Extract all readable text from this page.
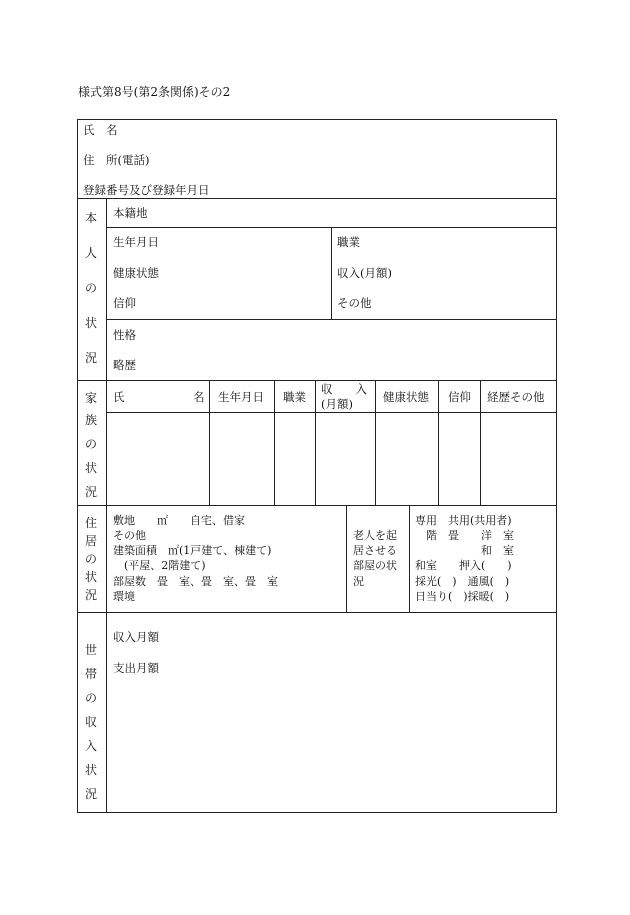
様式第8号(第2条関係)その2
氏　名
住　所(電話)
登録番号及び登録年月日
本
人
の
状
況
本籍地
生年月日
健康状態
信仰
職業
収入(月額)
その他
性格
略歴
家
族
の
状
況
氏	名 生年月日 職業
収　　入
(月額)	健康状態 信仰 経歴その他
住
居
の
状
況
敷地　　㎡　　自宅、借家
その他
建築面積　㎡(1戸建て、棟建て)
　(平屋、2階建て)
部屋数　畳　室、畳　室、畳　室
環境
老人を起
居させる
部屋の状
況
専用　共用(共用者)
　階　畳　　洋　室
　　　　　　和　室
和室　　押入(　　)
採光(　)　通風(　)
日当り(　)採暖(　)
世
帯
の
収
入
状
況
収入月額
支出月額
